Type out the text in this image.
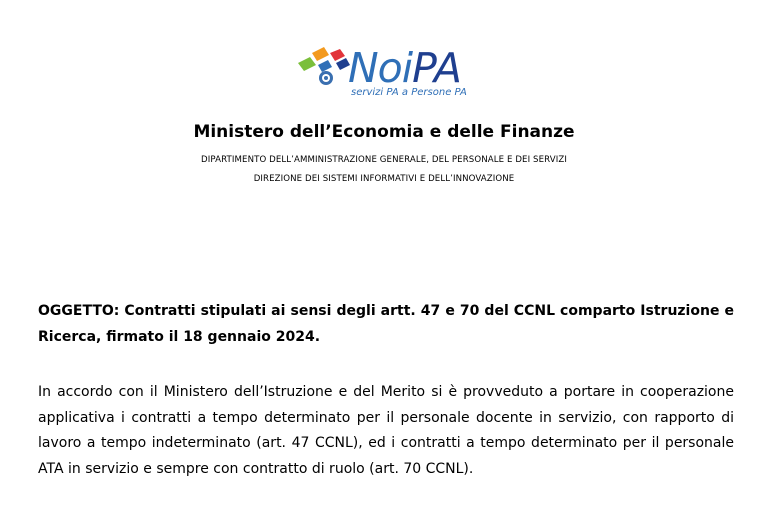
NoiPA
servizi PA a Persone PA
Ministero dell’Economia e delle Finanze
DIPARTIMENTO DELL’AMMINISTRAZIONE GENERALE, DEL PERSONALE E DEI SERVIZI
DIREZIONE DEI SISTEMI INFORMATIVI E DELL’INNOVAZIONE
OGGETTO: Contratti stipulati ai sensi degli artt. 47 e 70 del CCNL comparto Istruzione e Ricerca, firmato il 18 gennaio 2024.
In accordo con il Ministero dell’Istruzione e del Merito si è provveduto a portare in cooperazione applicativa i contratti a tempo determinato per il personale docente in servizio, con rapporto di lavoro a tempo indeterminato (art. 47 CCNL), ed i contratti a tempo determinato per il personale ATA in servizio e sempre con contratto di ruolo (art. 70 CCNL).
